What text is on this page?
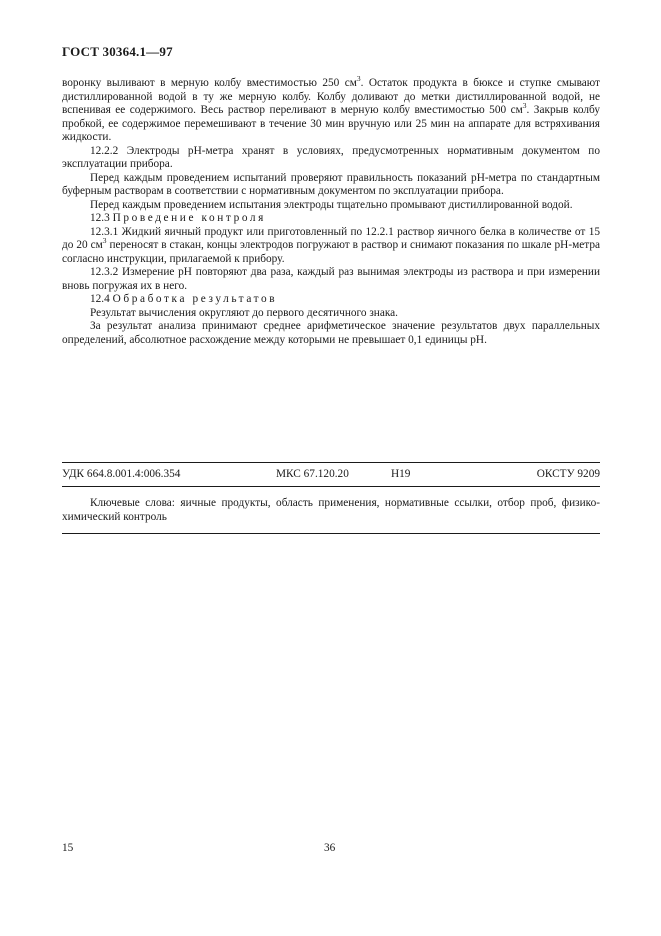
ГОСТ 30364.1—97

воронку выливают в мерную колбу вместимостью 250 $см^3$. Остаток продукта в бюксе и ступке смывают дистиллированной водой в ту же мерную колбу. Колбу доливают до метки дистиллированной водой, не вспенивая ее содержимого. Весь раствор переливают в мерную колбу вместимостью 500 $см^3$. Закрыв колбу пробкой, ее содержимое перемешивают в течение 30 мин вручную или 25 мин на аппарате для встряхивания жидкости.

12.2.2 Электроды pH-метра хранят в условиях, предусмотренных нормативным документом по эксплуатации прибора.

Перед каждым проведением испытаний проверяют правильность показаний pH-метра по стандартным буферным растворам в соответствии с нормативным документом по эксплуатации прибора.

Перед каждым проведением испытания электроды тщательно промывают дистиллированной водой.

12.3 Проведение контроля

12.3.1 Жидкий яичный продукт или приготовленный по 12.2.1 раствор яичного белка в количестве от 15 до 20 $см^3$ переносят в стакан, концы электродов погружают в раствор и снимают показания по шкале pH-метра согласно инструкции, прилагаемой к прибору.

12.3.2 Измерение pH повторяют два раза, каждый раз вынимая электроды из раствора и при измерении вновь погружая их в него.

12.4 Обработка результатов

Результат вычисления округляют до первого десятичного знака.

За результат анализа принимают среднее арифметическое значение результатов двух параллельных определений, абсолютное расхождение между которыми не превышает 0,1 единицы pH.

УДК 664.8.001.4:006.354	МКС 67.120.20	Н19	ОКСТУ 9209

Ключевые слова: яичные продукты, область применения, нормативные ссылки, отбор проб, физико-химический контроль

15	36
